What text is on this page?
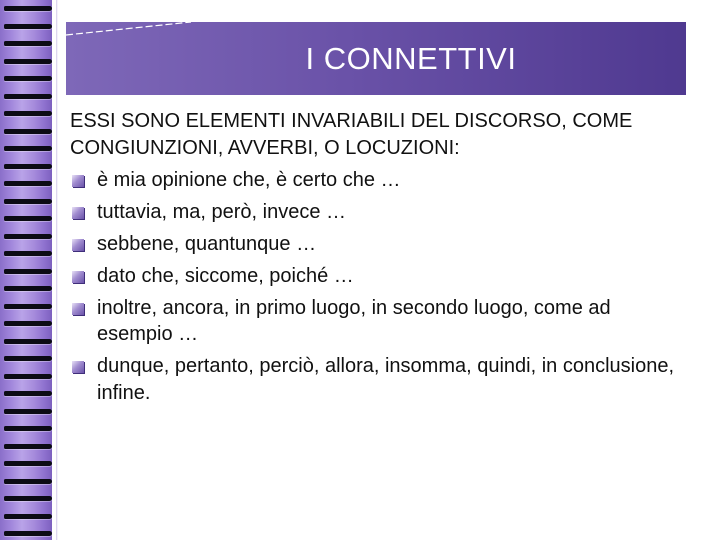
I CONNETTIVI

ESSI SONO ELEMENTI INVARIABILI DEL DISCORSO, COME CONGIUNZIONI, AVVERBI, O LOCUZIONI:

è mia opinione che, è certo che …
tuttavia, ma, però, invece …
sebbene, quantunque …
dato che, siccome, poiché …
inoltre, ancora, in primo luogo, in secondo luogo, come ad esempio …
dunque, pertanto, perciò, allora, insomma, quindi, in conclusione, infine.
